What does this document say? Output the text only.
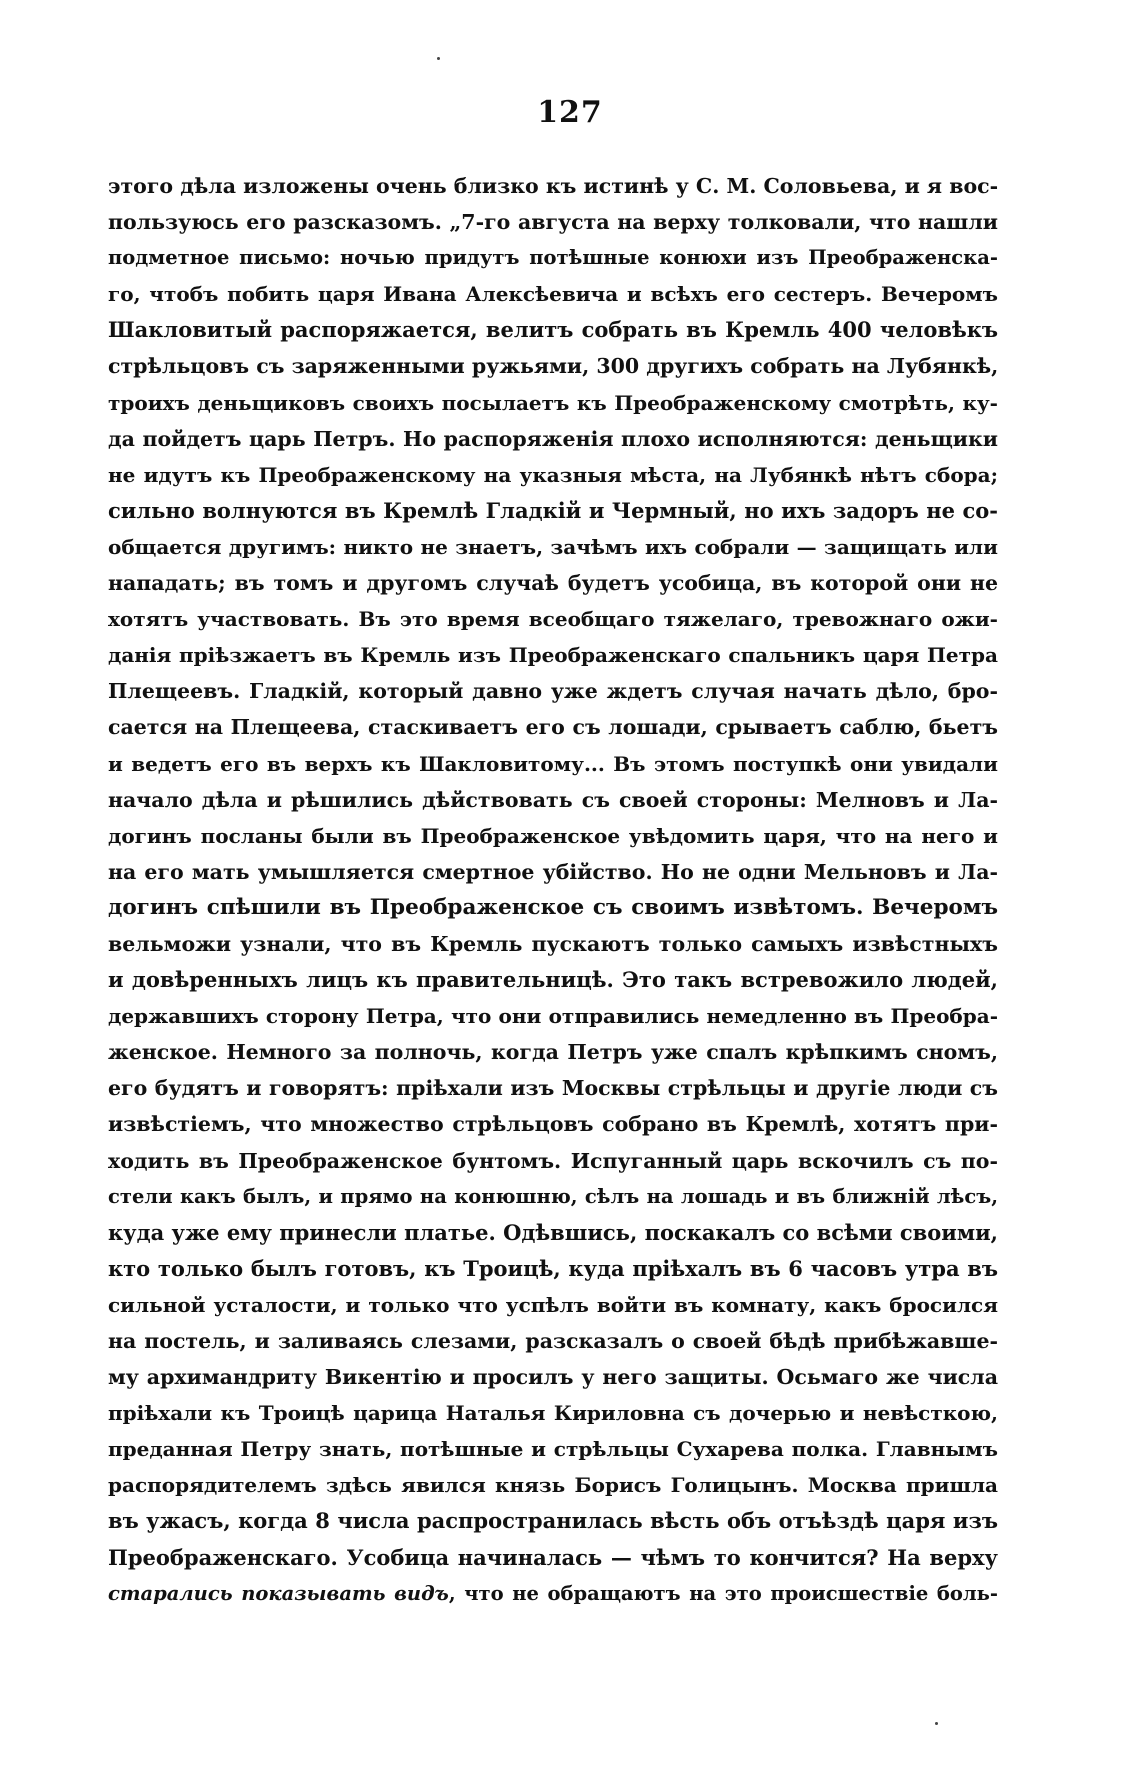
127
этого дѣла изложены очень близко къ истинѣ у С. М. Соловьева, и я вос-
пользуюсь его разсказомъ. „7-го августа на верху толковали, что нашли
подметное письмо: ночью придутъ потѣшные конюхи изъ Преображенска-
го, чтобъ побить царя Ивана Алексѣевича и всѣхъ его сестеръ. Вечеромъ
Шакловитый распоряжается, велитъ собрать въ Кремль 400 человѣкъ
стрѣльцовъ съ заряженными ружьями, 300 другихъ собрать на Лубянкѣ,
троихъ деньщиковъ своихъ посылаетъ къ Преображенскому смотрѣть, ку-
да пойдетъ царь Петръ. Но распоряженія плохо исполняются: деньщики
не идутъ къ Преображенскому на указныя мѣста, на Лубянкѣ нѣтъ сбора;
сильно волнуются въ Кремлѣ Гладкій и Чермный, но ихъ задоръ не со-
общается другимъ: никто не знаетъ, зачѣмъ ихъ собрали — защищать или
нападать; въ томъ и другомъ случаѣ будетъ усобица, въ которой они не
хотятъ участвовать. Въ это время всеобщаго тяжелаго, тревожнаго ожи-
данія пріѣзжаетъ въ Кремль изъ Преображенскаго спальникъ царя Петра
Плещеевъ. Гладкій, который давно уже ждетъ случая начать дѣло, бро-
сается на Плещеева, стаскиваетъ его съ лошади, срываетъ саблю, бьетъ
и ведетъ его въ верхъ къ Шакловитому... Въ этомъ поступкѣ они увидали
начало дѣла и рѣшились дѣйствовать съ своей стороны: Мелновъ и Ла-
догинъ посланы были въ Преображенское увѣдомить царя, что на него и
на его мать умышляется смертное убійство. Но не одни Мельновъ и Ла-
догинъ спѣшили въ Преображенское съ своимъ извѣтомъ. Вечеромъ
вельможи узнали, что въ Кремль пускаютъ только самыхъ извѣстныхъ
и довѣренныхъ лицъ къ правительницѣ. Это такъ встревожило людей,
державшихъ сторону Петра, что они отправились немедленно въ Преобра-
женское. Немного за полночь, когда Петръ уже спалъ крѣпкимъ сномъ,
его будятъ и говорятъ: пріѣхали изъ Москвы стрѣльцы и другіе люди съ
извѣстіемъ, что множество стрѣльцовъ собрано въ Кремлѣ, хотятъ при-
ходить въ Преображенское бунтомъ. Испуганный царь вскочилъ съ по-
стели какъ былъ, и прямо на конюшню, сѣлъ на лошадь и въ ближній лѣсъ,
куда уже ему принесли платье. Одѣвшись, поскакалъ со всѣми своими,
кто только былъ готовъ, къ Троицѣ, куда пріѣхалъ въ 6 часовъ утра въ
сильной усталости, и только что успѣлъ войти въ комнату, какъ бросился
на постель, и заливаясь слезами, разсказалъ о своей бѣдѣ прибѣжавше-
му архимандриту Викентію и просилъ у него защиты. Осьмаго же числа
пріѣхали къ Троицѣ царица Наталья Кириловна съ дочерью и невѣсткою,
преданная Петру знать, потѣшные и стрѣльцы Сухарева полка. Главнымъ
распорядителемъ здѣсь явился князь Борисъ Голицынъ. Москва пришла
въ ужасъ, когда 8 числа распространилась вѣсть объ отъѣздѣ царя изъ
Преображенскаго. Усобица начиналась — чѣмъ то кончится? На верху
старались показывать видъ, что не обращаютъ на это происшествіе боль-
